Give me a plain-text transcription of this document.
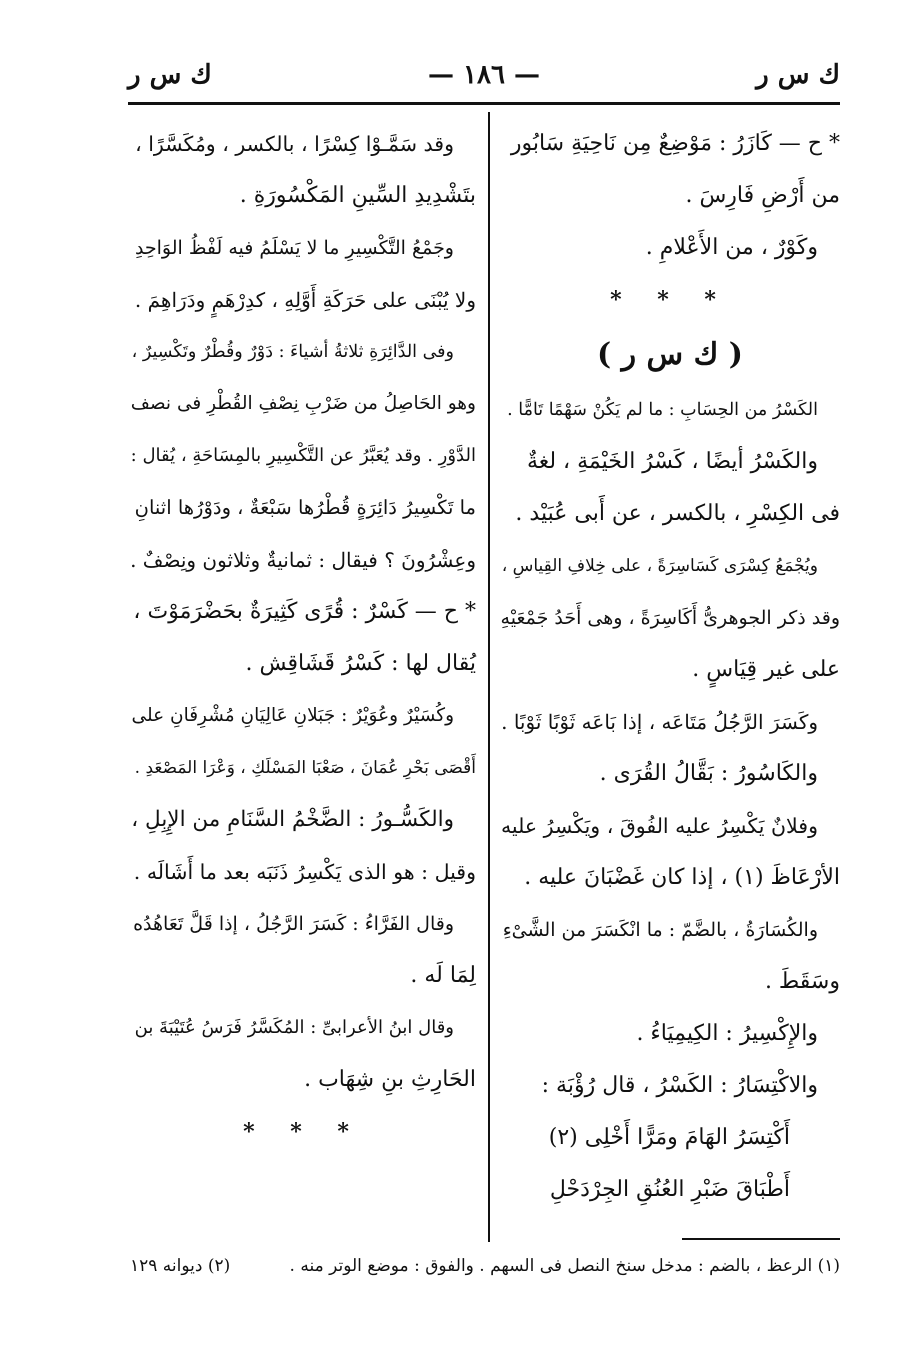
ك س ر
— ١٨٦ —
ك س ر
* ح — كَازَرُ : مَوْضِعٌ مِن نَاحِيَةِ سَابُور
من أَرْضِ فَارِسَ .
وكَوْرٌ ، من الأَعْلامِ .
* * *
( ك س ر )
الكَسْرُ من الحِسَابِ : ما لم يَكُنْ سَهْمًا تَامًّا .
والكَسْرُ أيضًا ، كَسْرُ الخَيْمَةِ ، لغةٌ
فى الكِسْرِ ، بالكسر ، عن أَبى عُبَيْد .
ويُجْمَعُ كِسْرَى كَسَاسِرَةً ، على خِلافِ القِياسِ ،
وقد ذكر الجوهرىُّ أَكَاسِرَةً ، وهى أَحَدُ جَمْعَيْهِ
على غير قِيَاسٍ .
وكَسَرَ الرَّجُلُ مَتَاعَه ، إذا بَاعَه ثَوْبًا ثَوْبًا .
والكَاسُورُ : بَقَّالُ القُرَى .
وفلانٌ يَكْسِرُ عليه الفُوقَ ، ويَكْسِرُ عليه
الأرْعَاظَ (١) ، إذا كان غَضْبَانَ عليه .
والكُسَارَةُ ، بالضَّمّ : ما انْكَسَرَ من الشَّىْءِ
وسَقَطَ .
والإِكْسِيرُ : الكِيمِيَاءُ .
والاكْتِسَارُ : الكَسْرُ ، قال رُؤْبَة :
أَكْتِسَرُ الهَامَ ومَرًّا أَخْلِى (٢)
أَطْبَاقَ ضَبْرِ العُنُقِ الجِرْدَحْلِ
وقد سَمَّـوْا كِسْرًا ، بالكسر ، ومُكَسَّرًا ،
بتَشْدِيدِ السِّينِ المَكْسُورَةِ .
وجَمْعُ التَّكْسِيرِ ما لا يَسْلَمُ فيه لَفْظُ الوَاحِدِ
ولا يُبْنَى على حَرَكَةِ أَوَّلِهِ ، كدِرْهَمٍ ودَرَاهِمَ .
وفى الدَّائِرَةِ ثلاثةُ أشياءَ : دَوْرٌ وقُطْرٌ وتَكْسِيرٌ ،
وهو الحَاصِلُ من ضَرْبِ نِصْفِ القُطْرِ فى نصف
الدَّوْرِ . وقد يُعَبَّرُ عن التَّكْسِيرِ بالمِسَاحَةِ ، يُقال :
ما تَكْسِيرُ دَائِرَةٍ قُطْرُها سَبْعَةٌ ، ودَوْرُها اثنانِ
وعِشْرُونَ ؟ فيقال : ثمانيةٌ وثلاثون ونِصْفٌ .
* ح — كَسْرٌ : قُرًى كَثِيرَةٌ بحَضْرَمَوْتَ ،
يُقال لها : كَسْرُ قَشَاقِش .
وكُسَيْرٌ وعُوَيْرٌ : جَبَلانِ عَالِيَانِ مُشْرِفَانِ على
أَقْصَى بَحْرِ عُمَانَ ، صَعْبَا المَسْلَكِ ، وَعْرَا المَصْعَدِ .
والكَسُّـورُ : الضَّخْمُ السَّنَامِ من الإِبِلِ ،
وقيل : هو الذى يَكْسِرُ ذَنَبَه بعد ما أَشَالَه .
وقال الفَرَّاءُ : كَسَرَ الرَّجُلُ ، إذا قَلَّ تَعَاهُدُه
لِمَا لَه .
وقال ابنُ الأعرابىِّ : المُكَسَّرُ فَرَسُ عُتَيْبَةَ بن
الحَارِثِ بنِ شِهَاب .
* * *
(١) الرعظ ، بالضم : مدخل سنخ النصل فى السهم . والفوق : موضع الوتر منه .
(٢) ديوانه ١٢٩
